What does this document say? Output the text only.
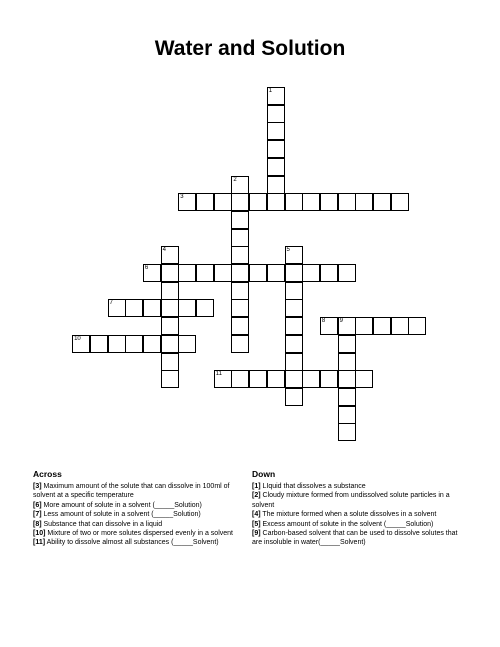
Water and Solution
1
2
3
4	5
6
7
8 9
10
11
Across
[3] Maximum amount of the solute that can dissolve in 100ml of solvent at a specific temperature
[6] More amount of solute in a solvent (_____Solution)
[7] Less amount of solute in a solvent (_____Solution)
[8] Substance that can dissolve in a liquid
[10] Mixture of two or more solutes dispersed evenly in a solvent
[11] Ability to dissolve almost all substances (_____Solvent)
Down
[1] LIquid that dissolves a substance
[2] Cloudy mixture formed from undissolved solute particles in a solvent
[4] The mixture formed when a solute dissolves in a solvent
[5] Excess amount of solute in the solvent (_____Solution)
[9] Carbon-based solvent that can be used to dissolve solutes that are insoluble in water(_____Solvent)
